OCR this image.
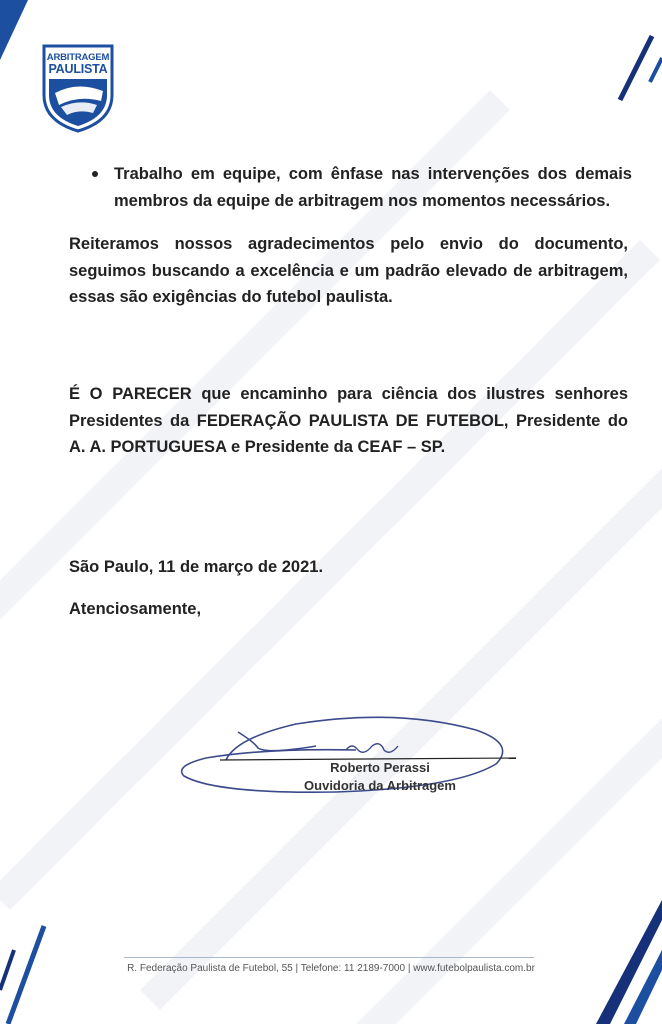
ARBITRAGEM
PAULISTA
Trabalho em equipe, com ênfase nas intervenções dos demais membros da equipe de arbitragem nos momentos necessários.
Reiteramos nossos agradecimentos pelo envio do documento, seguimos buscando a excelência e um padrão elevado de arbitragem, essas são exigências do futebol paulista.
É O PARECER que encaminho para ciência dos ilustres senhores Presidentes da FEDERAÇÃO PAULISTA DE FUTEBOL, Presidente do A. A. PORTUGUESA e Presidente da CEAF – SP.
São Paulo, 11 de março de 2021.
Atenciosamente,
Roberto Perassi
Ouvidoria da Arbitragem
R. Federação Paulista de Futebol, 55 | Telefone: 11 2189-7000 | www.futebolpaulista.com.br
